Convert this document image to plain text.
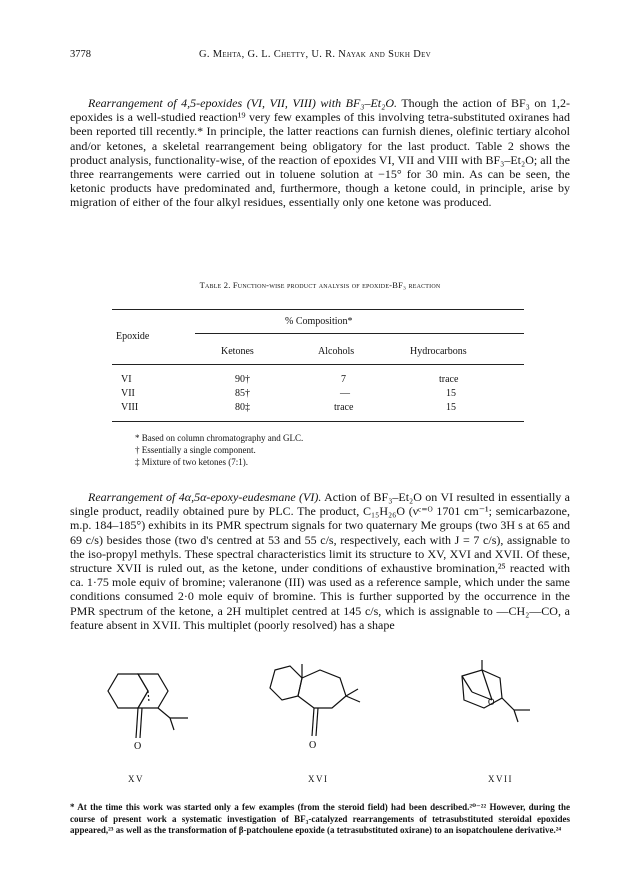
3778	G. Mehta, G. L. Chetty, U. R. Nayak and Sukh Dev

Rearrangement of 4,5-epoxides (VI, VII, VIII) with BF₃–Et₂O. Though the action of BF₃ on 1,2-epoxides is a well-studied reaction¹⁹ very few examples of this involving tetra-substituted oxiranes had been reported till recently.* In principle, the latter reactions can furnish dienes, olefinic tertiary alcohol and/or ketones, a skeletal rearrangement being obligatory for the last product. Table 2 shows the product analysis, functionality-wise, of the reaction of epoxides VI, VII and VIII with BF₃–Et₂O; all the three rearrangements were carried out in toluene solution at −15° for 30 min. As can be seen, the ketonic products have predominated and, furthermore, though a ketone could, in principle, arise by migration of either of the four alkyl residues, essentially only one ketone was produced.

Table 2. Function-wise product analysis of epoxide-BF₃ reaction
Epoxide
% Composition*
Ketones	Alcohols	Hydrocarbons
VI	90†	7	trace
VII	85†	—	15
VIII	80‡	trace	15
* Based on column chromatography and GLC.
† Essentially a single component.
‡ Mixture of two ketones (7:1).

Rearrangement of 4α,5α-epoxy-eudesmane (VI). Action of BF₃–Et₂O on VI resulted in essentially a single product, readily obtained pure by PLC. The product, C₁₅H₂₆O (νᶜ⁼ᴼ 1701 cm⁻¹; semicarbazone, m.p. 184–185°) exhibits in its PMR spectrum signals for two quaternary Me groups (two 3H s at 65 and 69 c/s) besides those (two d's centred at 53 and 55 c/s, respectively, each with J = 7 c/s), assignable to the iso-propyl methyls. These spectral characteristics limit its structure to XV, XVI and XVII. Of these, structure XVII is ruled out, as the ketone, under conditions of exhaustive bromination,²⁵ reacted with ca. 1·75 mole equiv of bromine; valeranone (III) was used as a reference sample, which under the same conditions consumed 2·0 mole equiv of bromine. This is further supported by the occurrence in the PMR spectrum of the ketone, a 2H multiplet centred at 145 c/s, which is assignable to —CH₂—CO, a feature absent in XVII. This multiplet (poorly resolved) has a shape

O	O
O
XV	XVI	XVII

* At the time this work was started only a few examples (from the steroid field) had been described.²⁰⁻²² However, during the course of present work a systematic investigation of BF₃-catalyzed rearrangements of tetrasubstituted steroidal epoxides appeared,²³ as well as the transformation of β-patchoulene epoxide (a tetrasubstituted oxirane) to an isopatchoulene derivative.²⁴
